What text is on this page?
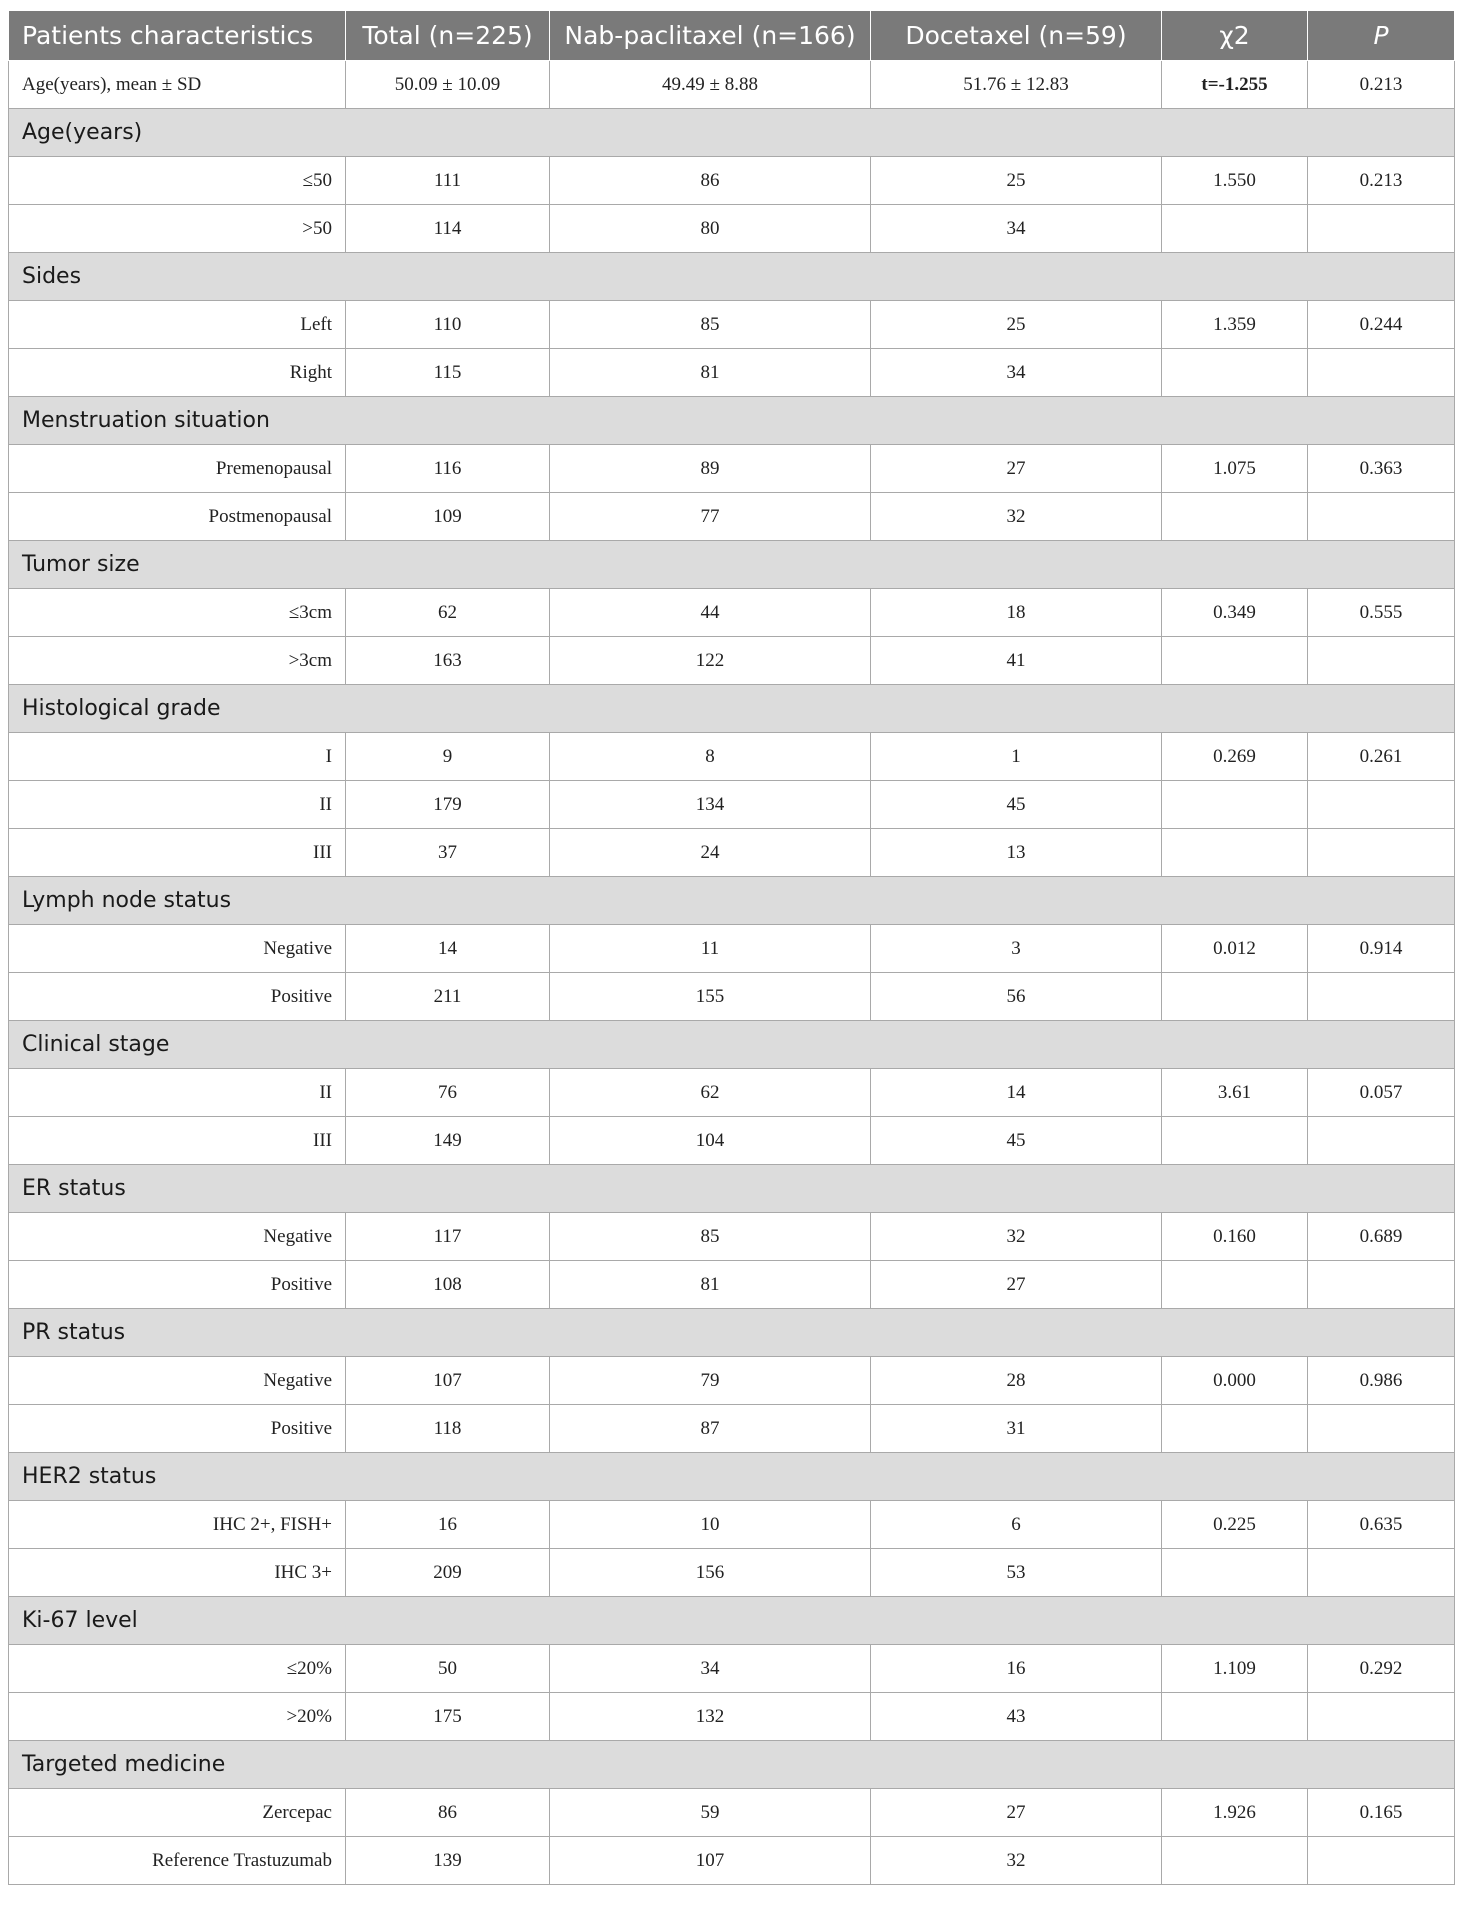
Patients characteristics	Total (n=225)	Nab-paclitaxel (n=166)	Docetaxel (n=59)	χ2	P
Age(years), mean ± SD	50.09 ± 10.09	49.49 ± 8.88	51.76 ± 12.83	t=-1.255	0.213
Age(years)					
≤50	111	86	25	1.550	0.213
>50	114	80	34		
Sides					
Left	110	85	25	1.359	0.244
Right	115	81	34		
Menstruation situation					
Premenopausal	116	89	27	1.075	0.363
Postmenopausal	109	77	32		
Tumor size					
≤3cm	62	44	18	0.349	0.555
>3cm	163	122	41		
Histological grade					
I	9	8	1	0.269	0.261
II	179	134	45		
III	37	24	13		
Lymph node status					
Negative	14	11	3	0.012	0.914
Positive	211	155	56		
Clinical stage					
II	76	62	14	3.61	0.057
III	149	104	45		
ER status					
Negative	117	85	32	0.160	0.689
Positive	108	81	27		
PR status					
Negative	107	79	28	0.000	0.986
Positive	118	87	31		
HER2 status					
IHC 2+, FISH+	16	10	6	0.225	0.635
IHC 3+	209	156	53		
Ki-67 level					
≤20%	50	34	16	1.109	0.292
>20%	175	132	43		
Targeted medicine					
Zercepac	86	59	27	1.926	0.165
Reference Trastuzumab	139	107	32		
